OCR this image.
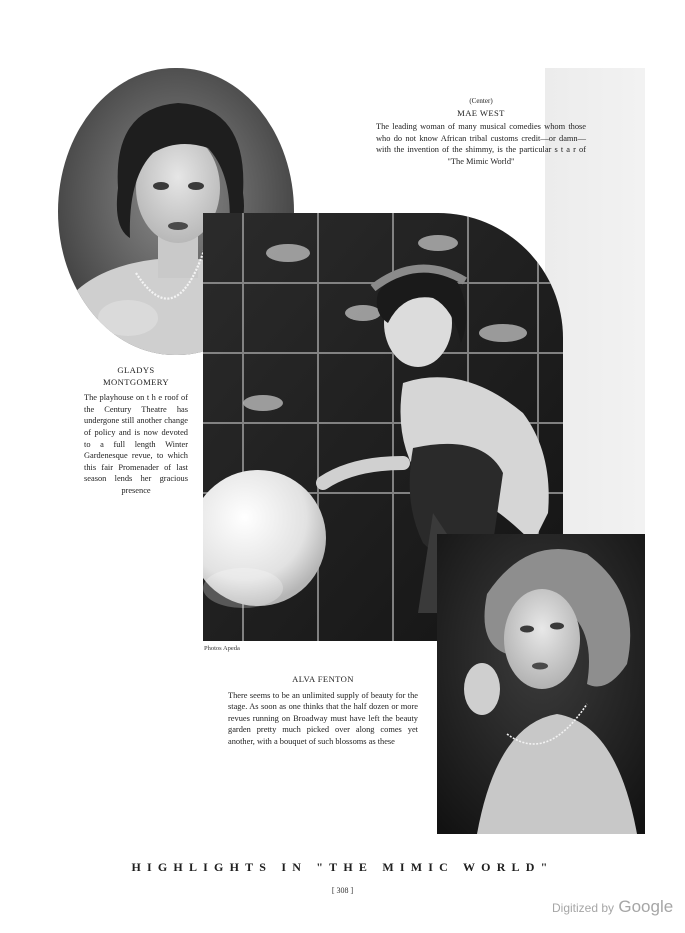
(Center)
MAE WEST
The leading woman of many musical comedies whom those who do not know African tribal customs credit—or damn—with the invention of the shimmy, is the particular s t a r of "The Mimic World"
GLADYS
MONTGOMERY
The playhouse on t h e roof of the Century Theatre has undergone still another change of policy and is now devoted to a full length Winter Gardenesque revue, to which this fair Promenader of last season lends her gracious presence
Photos Apeda
ALVA FENTON
There seems to be an unlimited supply of beauty for the stage. As soon as one thinks that the half dozen or more revues running on Broadway must have left the beauty garden pretty much picked over along comes yet another, with a bouquet of such blossoms as these
HIGHLIGHTS IN "THE MIMIC WORLD"
[ 308 ]
Digitized by Google
